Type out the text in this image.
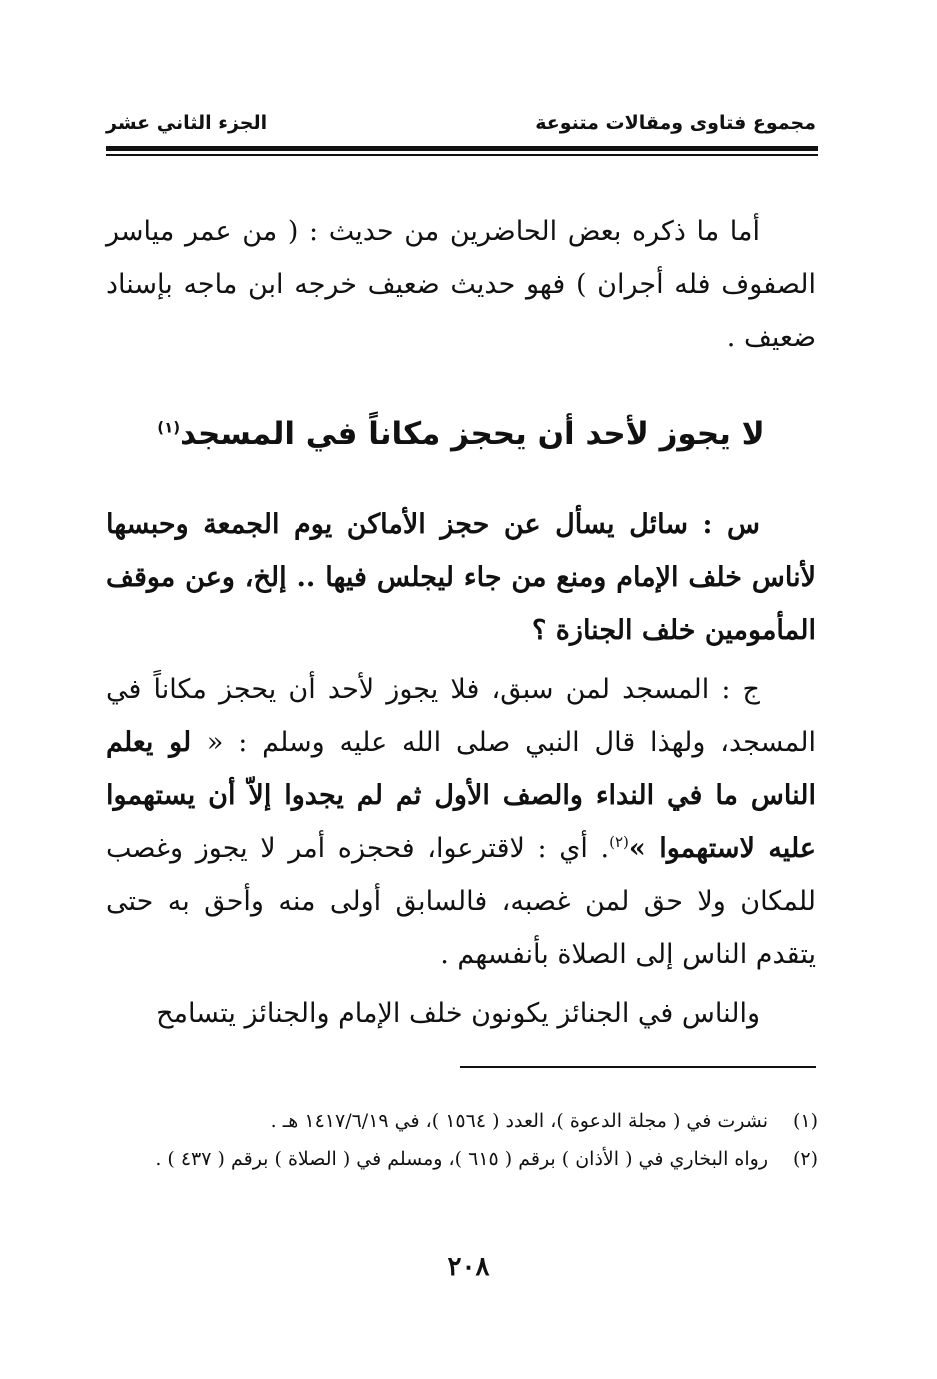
مجموع فتاوى ومقالات متنوعة
الجزء الثاني عشر

أما ما ذكره بعض الحاضرين من حديث : ( من عمر مياسر الصفوف فله أجران ) فهو حديث ضعيف خرجه ابن ماجه بإسناد ضعيف .

لا يجوز لأحد أن يحجز مكاناً في المسجد$^{(١)}$

س : سائل يسأل عن حجز الأماكن يوم الجمعة وحبسها لأناس خلف الإمام ومنع من جاء ليجلس فيها .. إلخ، وعن موقف المأمومين خلف الجنازة ؟

ج : المسجد لمن سبق، فلا يجوز لأحد أن يحجز مكاناً في المسجد، ولهذا قال النبي صلى الله عليه وسلم : « لو يعلم الناس ما في النداء والصف الأول ثم لم يجدوا إلاّ أن يستهموا عليه لاستهموا »$^{(٢)}$. أي : لاقترعوا، فحجزه أمر لا يجوز وغصب للمكان ولا حق لمن غصبه، فالسابق أولى منه وأحق به حتى يتقدم الناس إلى الصلاة بأنفسهم .

والناس في الجنائز يكونون خلف الإمام والجنائز يتسامح

(١)
نشرت في ( مجلة الدعوة )، العدد ( ١٥٦٤ )، في ١٤١٧/٦/١٩ هـ .
(٢)
رواه البخاري في ( الأذان ) برقم ( ٦١٥ )، ومسلم في ( الصلاة ) برقم ( ٤٣٧ ) .
٢٠٨
